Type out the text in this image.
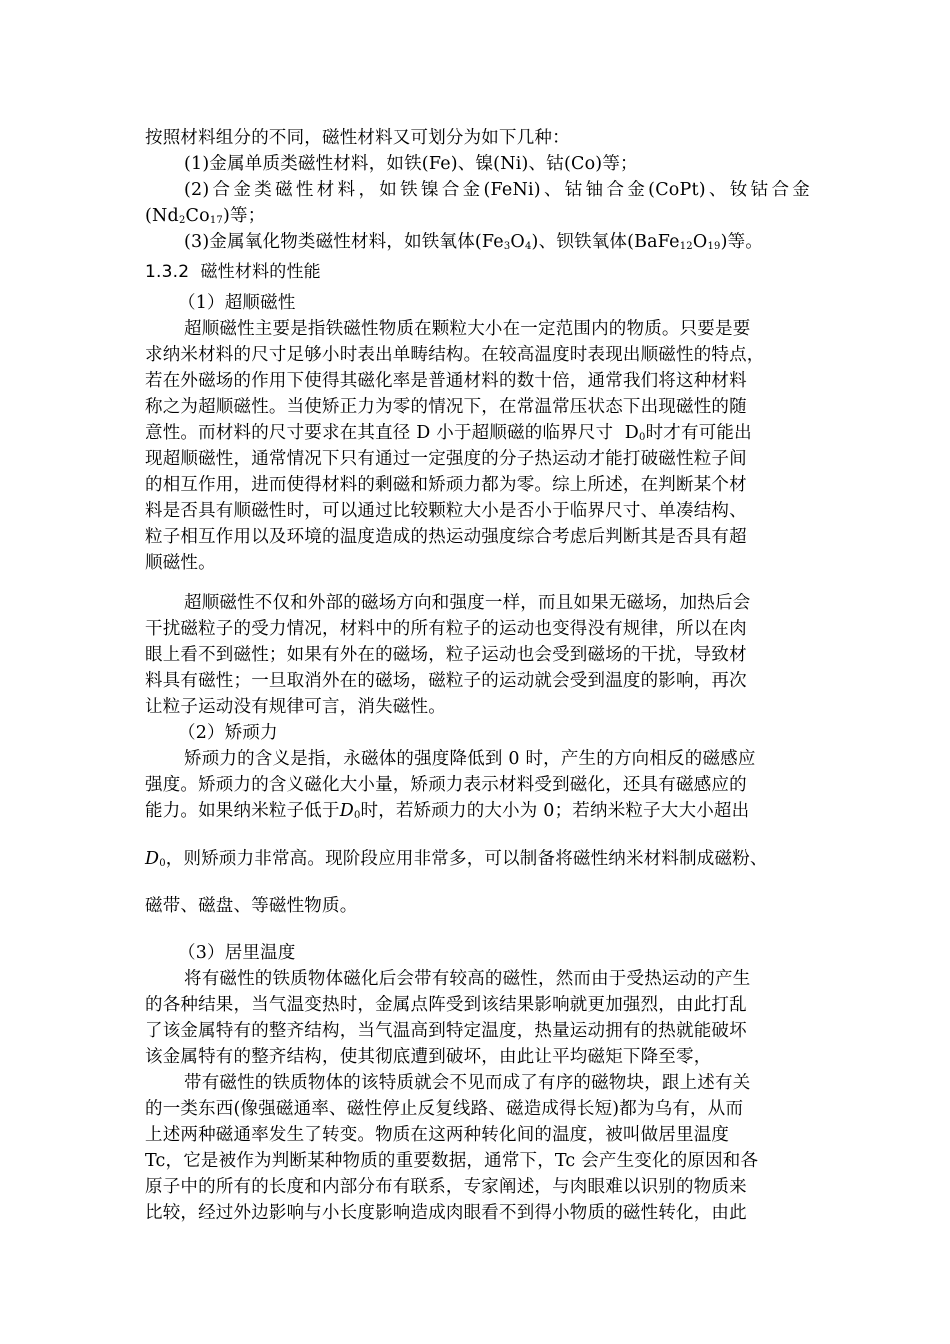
按照材料组分的不同，磁性材料又可划分为如下几种：
(1)金属单质类磁性材料，如铁(Fe)、镍(Ni)、钴(Co)等；
(2)合金类磁性材料，如铁镍合金(FeNi)、钴铀合金(CoPt)、钕钴合金
$(Nd_2Co_{17})$等；
(3)金属氧化物类磁性材料，如铁氧体$(Fe_3O_4)$、钡铁氧体$(BaFe_{12}O_{19})$等。
1.3.2 磁性材料的性能
（1）超顺磁性
超顺磁性主要是指铁磁性物质在颗粒大小在一定范围内的物质。只要是要
求纳米材料的尺寸足够小时表出单畴结构。在较高温度时表现出顺磁性的特点，
若在外磁场的作用下使得其磁化率是普通材料的数十倍，通常我们将这种材料
称之为超顺磁性。当使矫正力为零的情况下，在常温常压状态下出现磁性的随
意性。而材料的尺寸要求在其直径 D 小于超顺磁的临界尺寸 $D_0$时才有可能出
现超顺磁性，通常情况下只有通过一定强度的分子热运动才能打破磁性粒子间
的相互作用，进而使得材料的剩磁和矫顽力都为零。综上所述，在判断某个材
料是否具有顺磁性时，可以通过比较颗粒大小是否小于临界尺寸、单凑结构、
粒子相互作用以及环境的温度造成的热运动强度综合考虑后判断其是否具有超
顺磁性。
超顺磁性不仅和外部的磁场方向和强度一样，而且如果无磁场，加热后会
干扰磁粒子的受力情况，材料中的所有粒子的运动也变得没有规律，所以在肉
眼上看不到磁性；如果有外在的磁场，粒子运动也会受到磁场的干扰，导致材
料具有磁性；一旦取消外在的磁场，磁粒子的运动就会受到温度的影响，再次
让粒子运动没有规律可言，消失磁性。
（2）矫顽力
矫顽力的含义是指，永磁体的强度降低到 0 时，产生的方向相反的磁感应
强度。矫顽力的含义磁化大小量，矫顽力表示材料受到磁化，还具有磁感应的
能力。如果纳米粒子低于$D_0$时，若矫顽力的大小为 0；若纳米粒子大大小超出
$D_0$，则矫顽力非常高。现阶段应用非常多，可以制备将磁性纳米材料制成磁粉、
磁带、磁盘、等磁性物质。
（3）居里温度
将有磁性的铁质物体磁化后会带有较高的磁性，然而由于受热运动的产生
的各种结果，当气温变热时，金属点阵受到该结果影响就更加强烈，由此打乱
了该金属特有的整齐结构，当气温高到特定温度，热量运动拥有的热就能破坏
该金属特有的整齐结构，使其彻底遭到破坏，由此让平均磁矩下降至零，
带有磁性的铁质物体的该特质就会不见而成了有序的磁物块，跟上述有关
的一类东西(像强磁通率、磁性停止反复线路、磁造成得长短)都为乌有，从而
上述两种磁通率发生了转变。物质在这两种转化间的温度，被叫做居里温度
Tc，它是被作为判断某种物质的重要数据，通常下，Tc 会产生变化的原因和各
原子中的所有的长度和内部分布有联系，专家阐述，与肉眼难以识别的物质来
比较，经过外边影响与小长度影响造成肉眼看不到得小物质的磁性转化，由此
